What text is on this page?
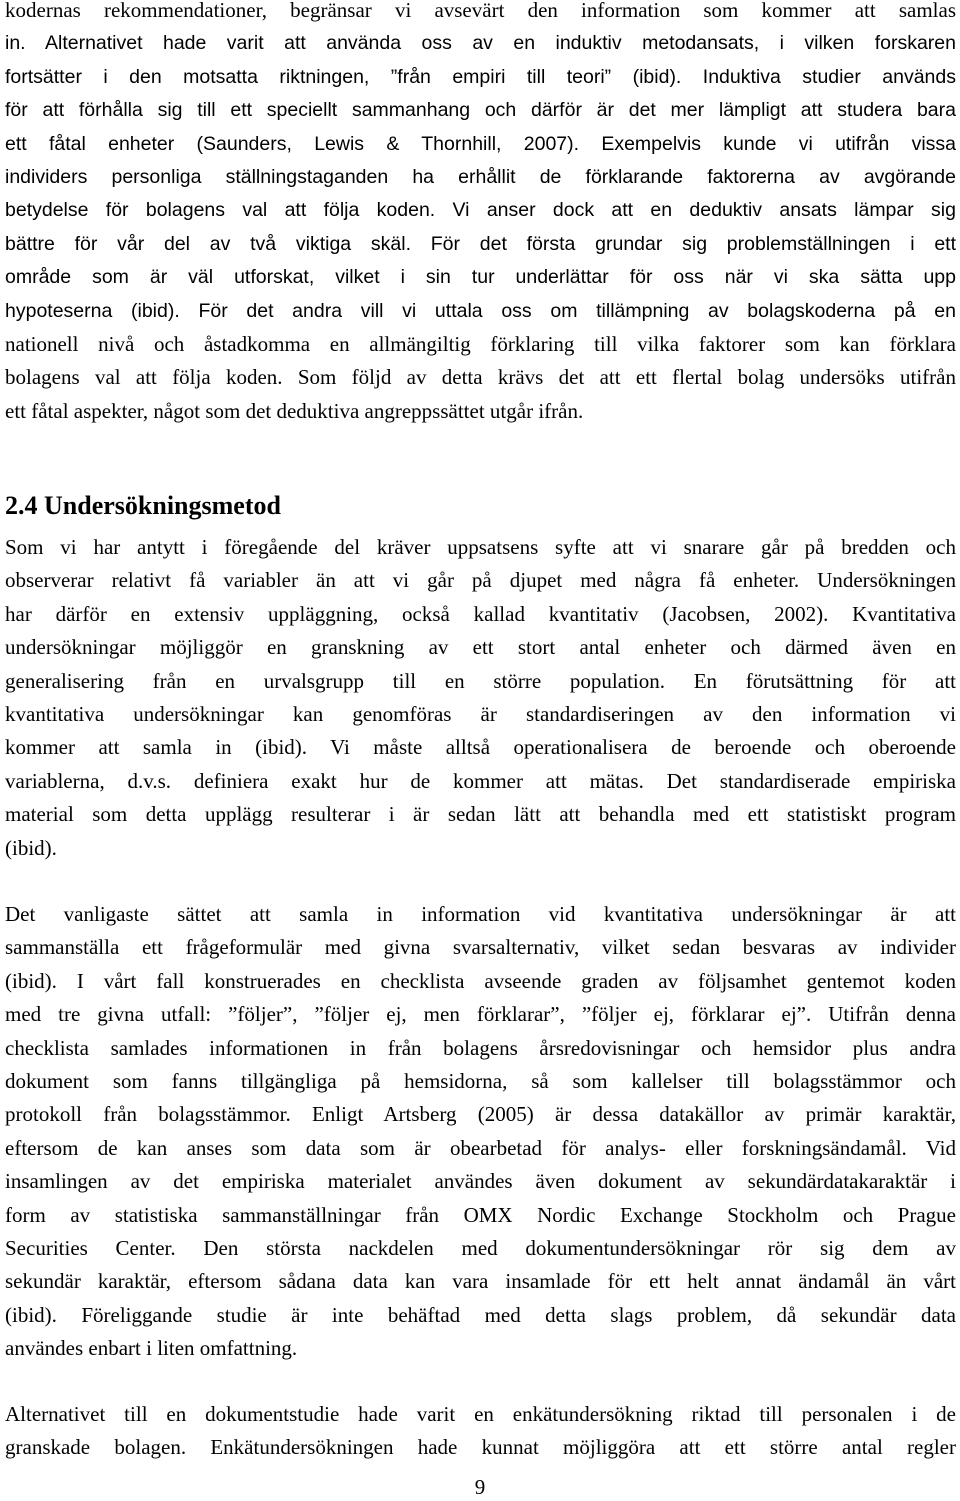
kodernas rekommendationer, begränsar vi avsevärt den information som kommer att samlas
in. Alternativet hade varit att använda oss av en induktiv metodansats, i vilken forskaren
fortsätter i den motsatta riktningen, ”från empiri till teori” (ibid). Induktiva studier används
för att förhålla sig till ett speciellt sammanhang och därför är det mer lämpligt att studera bara
ett fåtal enheter (Saunders, Lewis & Thornhill, 2007). Exempelvis kunde vi utifrån vissa
individers personliga ställningstaganden ha erhållit de förklarande faktorerna av avgörande
betydelse för bolagens val att följa koden. Vi anser dock att en deduktiv ansats lämpar sig
bättre för vår del av två viktiga skäl. För det första grundar sig problemställningen i ett
område som är väl utforskat, vilket i sin tur underlättar för oss när vi ska sätta upp
hypoteserna (ibid). För det andra vill vi uttala oss om tillämpning av bolagskoderna på en
nationell nivå och åstadkomma en allmängiltig förklaring till vilka faktorer som kan förklara
bolagens val att följa koden. Som följd av detta krävs det att ett flertal bolag undersöks utifrån
ett fåtal aspekter, något som det deduktiva angreppssättet utgår ifrån.

2.4 Undersökningsmetod

Som vi har antytt i föregående del kräver uppsatsens syfte att vi snarare går på bredden och
observerar relativt få variabler än att vi går på djupet med några få enheter. Undersökningen
har därför en extensiv uppläggning, också kallad kvantitativ (Jacobsen, 2002). Kvantitativa
undersökningar möjliggör en granskning av ett stort antal enheter och därmed även en
generalisering från en urvalsgrupp till en större population. En förutsättning för att
kvantitativa undersökningar kan genomföras är standardiseringen av den information vi
kommer att samla in (ibid). Vi måste alltså operationalisera de beroende och oberoende
variablerna, d.v.s. definiera exakt hur de kommer att mätas. Det standardiserade empiriska
material som detta upplägg resulterar i är sedan lätt att behandla med ett statistiskt program
(ibid).

Det vanligaste sättet att samla in information vid kvantitativa undersökningar är att
sammanställa ett frågeformulär med givna svarsalternativ, vilket sedan besvaras av individer
(ibid). I vårt fall konstruerades en checklista avseende graden av följsamhet gentemot koden
med tre givna utfall: ”följer”, ”följer ej, men förklarar”, ”följer ej, förklarar ej”. Utifrån denna
checklista samlades informationen in från bolagens årsredovisningar och hemsidor plus andra
dokument som fanns tillgängliga på hemsidorna, så som kallelser till bolagsstämmor och
protokoll från bolagsstämmor. Enligt Artsberg (2005) är dessa datakällor av primär karaktär,
eftersom de kan anses som data som är obearbetad för analys- eller forskningsändamål. Vid
insamlingen av det empiriska materialet användes även dokument av sekundärdatakaraktär i
form av statistiska sammanställningar från OMX Nordic Exchange Stockholm och Prague
Securities Center. Den största nackdelen med dokumentundersökningar rör sig dem av
sekundär karaktär, eftersom sådana data kan vara insamlade för ett helt annat ändamål än vårt
(ibid). Föreliggande studie är inte behäftad med detta slags problem, då sekundär data
användes enbart i liten omfattning.

Alternativet till en dokumentstudie hade varit en enkätundersökning riktad till personalen i de
granskade bolagen. Enkätundersökningen hade kunnat möjliggöra att ett större antal regler

9
